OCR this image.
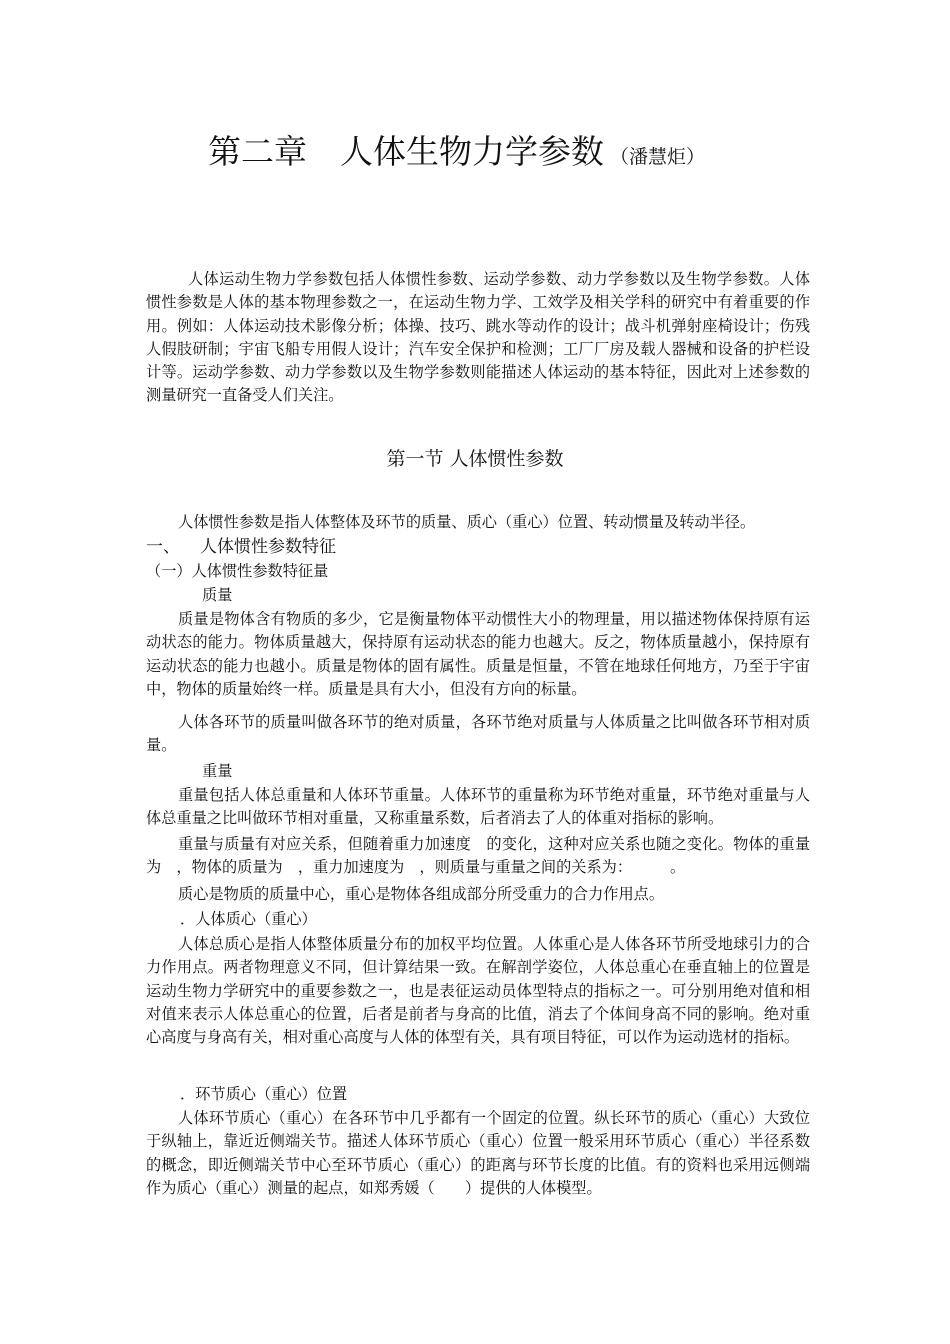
第二章　人体生物力学参数 （潘慧炬）

人体运动生物力学参数包括人体惯性参数、运动学参数、动力学参数以及生物学参数。人体惯性参数是人体的基本物理参数之一，在运动生物力学、工效学及相关学科的研究中有着重要的作用。例如：人体运动技术影像分析；体操、技巧、跳水等动作的设计；战斗机弹射座椅设计；伤残人假肢研制；宇宙飞船专用假人设计；汽车安全保护和检测；工厂厂房及载人器械和设备的护栏设计等。运动学参数、动力学参数以及生物学参数则能描述人体运动的基本特征，因此对上述参数的测量研究一直备受人们关注。

第一节 人体惯性参数

人体惯性参数是指人体整体及环节的质量、质心（重心）位置、转动惯量及转动半径。

一、 人体惯性参数特征
（一）人体惯性参数特征量
质量

质量是物体含有物质的多少，它是衡量物体平动惯性大小的物理量，用以描述物体保持原有运动状态的能力。物体质量越大，保持原有运动状态的能力也越大。反之，物体质量越小，保持原有运动状态的能力也越小。质量是物体的固有属性。质量是恒量，不管在地球任何地方，乃至于宇宙中，物体的质量始终一样。质量是具有大小，但没有方向的标量。

人体各环节的质量叫做各环节的绝对质量，各环节绝对质量与人体质量之比叫做各环节相对质量。

重量

重量包括人体总重量和人体环节重量。人体环节的重量称为环节绝对重量，环节绝对重量与人体总重量之比叫做环节相对重量，又称重量系数，后者消去了人的体重对指标的影响。

重量与质量有对应关系，但随着重力加速度　的变化，这种对应关系也随之变化。物体的重量为　，物体的质量为　，重力加速度为　，则质量与重量之间的关系为：　　　。

质心是物质的质量中心，重心是物体各组成部分所受重力的合力作用点。

．人体质心（重心）

人体总质心是指人体整体质量分布的加权平均位置。人体重心是人体各环节所受地球引力的合力作用点。两者物理意义不同，但计算结果一致。在解剖学姿位，人体总重心在垂直轴上的位置是运动生物力学研究中的重要参数之一，也是表征运动员体型特点的指标之一。可分别用绝对值和相对值来表示人体总重心的位置，后者是前者与身高的比值，消去了个体间身高不同的影响。绝对重心高度与身高有关，相对重心高度与人体的体型有关，具有项目特征，可以作为运动选材的指标。

．环节质心（重心）位置

人体环节质心（重心）在各环节中几乎都有一个固定的位置。纵长环节的质心（重心）大致位于纵轴上，靠近近侧端关节。描述人体环节质心（重心）位置一般采用环节质心（重心）半径系数的概念，即近侧端关节中心至环节质心（重心）的距离与环节长度的比值。有的资料也采用远侧端作为质心（重心）测量的起点，如郑秀媛（　　）提供的人体模型。
